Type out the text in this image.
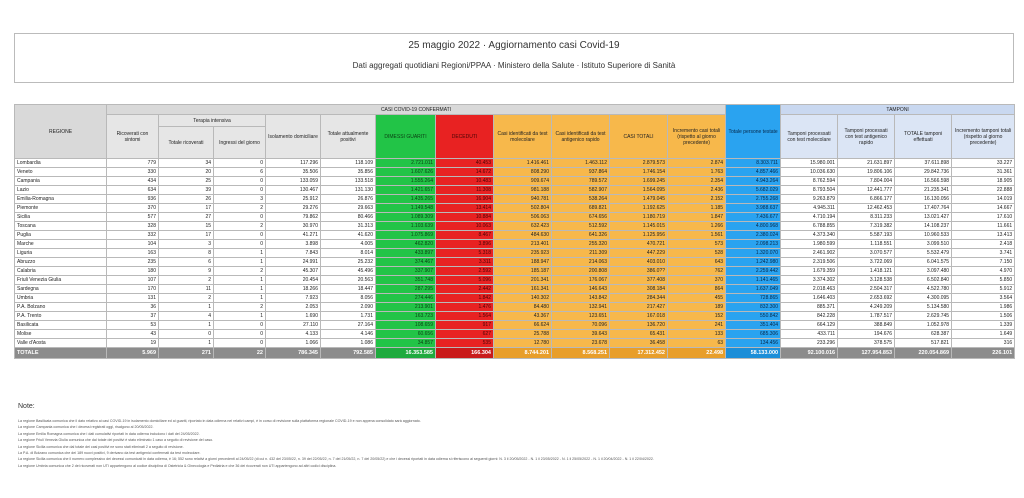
25 maggio 2022 · Aggiornamento casi Covid-19
Dati aggregati quotidiani Regioni/PPAA · Ministero della Salute · Istituto Superiore di Sanità
REGIONE	CASI COVID-19 CONFERMATI											Totale persone testate	TAMPONI			
	Ricoverati con sintomi	Terapia intensiva		Isolamento domiciliare	Totale attualmente positivi	DIMESSI GUARITI	DECEDUTI	Casi identificati da test molecolare	Casi identificati da test antigenico rapido	CASI TOTALI	Incremento casi totali (rispetto al giorno precedente)		Tamponi processati con test molecolare	Tamponi processati con test antigenico rapido	TOTALE tamponi effettuati	Incremento tamponi totali (rispetto al giorno precedente)
		Totale ricoverati	Ingressi del giorno													
Lombardia	779	34	0	117.296	118.109	2.721.011	40.453	1.416.461	1.463.112	2.879.573	2.874	8.303.711	15.980.001	21.631.897	37.611.898	33.227
Veneto	330	20	6	35.506	35.856	1.607.626	14.672	808.290	937.864	1.746.154	1.763	4.857.466	10.036.630	19.806.106	29.842.736	31.361
Campania	434	25	0	133.059	133.518	1.555.264	10.483	909.674	789.572	1.699.245	2.354	4.943.264	8.762.594	7.804.004	16.566.598	18.905
Lazio	634	39	0	130.467	131.130	1.421.657	11.308	981.188	582.907	1.564.095	2.436	5.682.029	8.793.504	12.441.777	21.235.341	22.888
Emilia-Romagna	936	26	3	25.912	26.876	1.435.265	16.904	940.781	538.264	1.479.045	2.152	2.755.268	9.263.879	6.866.177	16.130.056	14.019
Piemonte	370	17	2	29.276	29.663	1.149.548	13.414	502.804	689.821	1.192.625	1.185	3.988.637	4.945.311	12.462.453	17.407.764	14.667
Sicilia	577	27	0	79.862	80.466	1.089.309	10.884	506.063	674.656	1.180.719	1.847	7.436.677	4.710.194	8.311.233	13.021.427	17.610
Toscana	328	15	2	30.970	31.313	1.103.639	10.063	632.423	512.592	1.145.015	1.266	4.800.968	6.788.855	7.319.382	14.108.237	11.661
Puglia	332	17	0	41.271	41.620	1.075.869	8.467	484.630	641.326	1.125.956	1.561	2.380.024	4.373.340	5.587.193	10.960.533	13.413
Marche	104	3	0	3.898	4.005	462.820	3.896	213.401	255.320	470.721	573	2.098.213	1.980.599	1.118.551	3.099.510	2.418
Liguria	163	8	1	7.843	8.014	433.897	5.318	235.923	211.309	447.229	528	1.320.070	2.461.902	3.070.577	5.532.479	3.741
Abruzzo	235	6	1	24.991	25.232	374.467	3.311	188.947	214.063	403.010	643	1.242.980	2.319.506	3.722.069	6.041.575	7.150
Calabria	180	9	2	45.307	45.496	337.907	2.592	185.187	200.808	386.0??	762	2.259.442	1.679.359	1.418.121	3.097.480	4.970
Friuli Venezia Giulia	107	2	1	20.454	20.563	351.748	5.096	201.341	176.067	377.408	370	1.141.465	3.374.302	3.128.538	6.502.840	5.850
Sardegna	170	11	1	18.266	18.447	287.295	2.442	161.341	146.643	308.184	864	1.637.049	2.018.463	2.504.317	4.522.780	5.912
Umbria	131	2	1	7.923	8.056	274.446	1.842	140.302	143.842	284.344	455	728.865	1.646.403	2.653.692	4.300.095	3.564
P.A. Bolzano	36	1	2	2.053	2.090	213.901	1.476	84.480	132.941	217.427	189	832.300	885.371	4.249.209	5.134.580	1.986
P.A. Trento	37	4	1	1.690	1.731	163.723	1.564	43.367	123.651	167.018	152	550.842	842.228	1.787.517	2.629.745	1.506
Basilicata	53	1	0	27.110	27.164	108.659	917	66.624	70.096	136.720	241	351.404	664.129	388.849	1.052.978	1.339
Molise	43	0	0	4.133	4.146	60.656	627	25.788	39.643	65.431	133	685.306	433.711	194.676	628.387	1.649
Valle d'Aosta	19	1	0	1.066	1.086	34.857	535	12.780	23.678	36.458	63	134.456	233.296	378.575	517.821	316
TOTALE	5.969	271	22	786.345	792.585	16.353.585	166.304	8.744.201	8.568.251	17.312.452	22.498	58.133.000	92.100.016	127.954.853	220.054.869	226.101
Note:
La regione Basilicata comunica che il dato relativo ai casi COVID-19 in isolamento domiciliare ed ai guariti, riportato in data odierna nei relativi campi, è in corso di revisione sulla piattaforma regionale COVID-19 e non appena consolidato sarà aggiornato.
La regione Campania comunica che i decessi registrati oggi, risalgono al 20/05/2022.
La regione Emilia Romagna comunica che i dati cumulativi riportati in data odierna includono i dati del 24/05/2022.
La regione Friuli Venezia Giulia comunica che dal totale dei positivi è stato eliminato 1 caso a seguito di revisione del caso.
La regione Sicilia comunica che dal totale dei casi positivi ne sono stati eliminati 2 a seguito di revisione.
La P.A. di Bolzano comunica che dei 189 nuovi positivi, 9 derivano da test antigenici confermati da test molecolare.
La regione Sicilia comunica che il numero complessivo dei decessi comunicati in data odierna, è 16; 552 sono relativi a giorni precedenti al 24/05/22 (di cui n. 432 del 23/05/22, n. 39 del 22/05/22, n. 7 del 21/05/22, n. 7 del 20/05/22) e che i decessi riportati in data odierna si riferiscono ai seguenti giorni: N. 3 il 20/05/2022 - N. 1 il 23/05/2022 - N. 1 il 25/05/2022 - N. 1 il 20/04/2022 - N. 1 il 22/04/2022.
La regione Umbria comunica che 2 dei ricoverati non UTI appartengono al codice disciplina di Ostetricia & Ginecologia e Pediatria e che 36 dei ricoverati non UTI appartengono ad altri codici disciplina.
